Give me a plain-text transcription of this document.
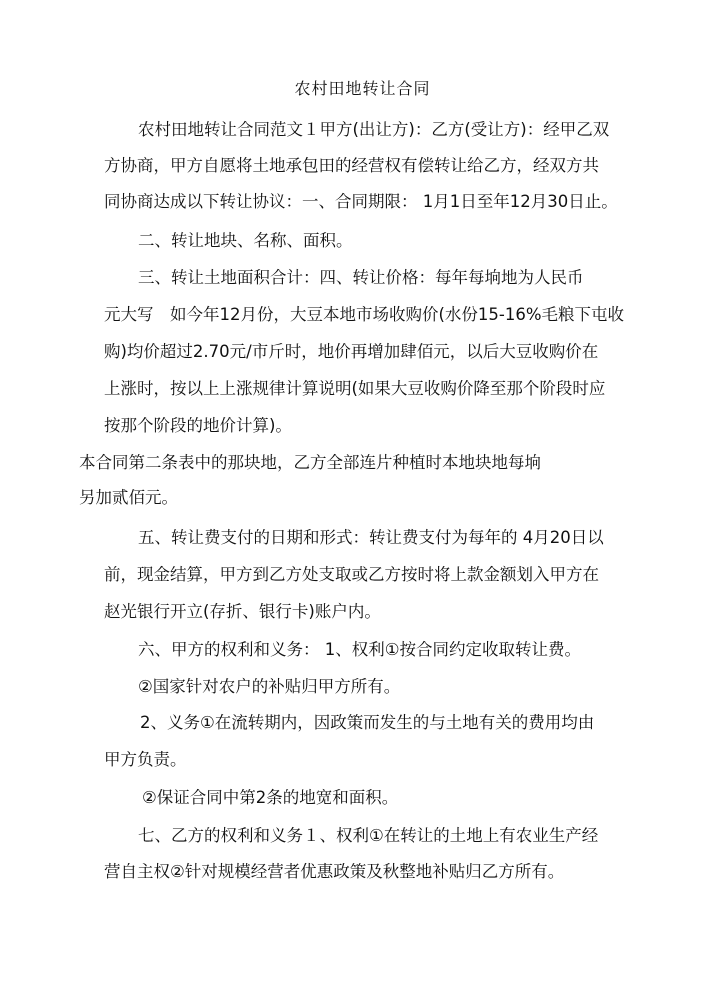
农村田地转让合同
农村田地转让合同范文１甲方(出让方)：乙方(受让方)：经甲乙双
方协商，甲方自愿将土地承包田的经营权有偿转让给乙方，经双方共
同协商达成以下转让协议：一、合同期限： 1月1日至年12月30日止。
二、转让地块、名称、面积。
三、转让土地面积合计：四、转让价格：每年每垧地为人民币
元大写　如今年12月份，大豆本地市场收购价(水份15-16%毛粮下屯收
购)均价超过2.70元/市斤时，地价再增加肆佰元，以后大豆收购价在
上涨时，按以上上涨规律计算说明(如果大豆收购价降至那个阶段时应
按那个阶段的地价计算)。
本合同第二条表中的那块地，乙方全部连片种植时本地块地每垧
另加贰佰元。
五、转让费支付的日期和形式：转让费支付为每年的 4月20日以
前，现金结算，甲方到乙方处支取或乙方按时将上款金额划入甲方在
赵光银行开立(存折、银行卡)账户内。
六、甲方的权利和义务： 1、权利①按合同约定收取转让费。
②国家针对农户的补贴归甲方所有。
2、义务①在流转期内，因政策而发生的与土地有关的费用均由
甲方负责。
②保证合同中第2条的地宽和面积。
七、乙方的权利和义务１、权利①在转让的土地上有农业生产经
营自主权②针对规模经营者优惠政策及秋整地补贴归乙方所有。
